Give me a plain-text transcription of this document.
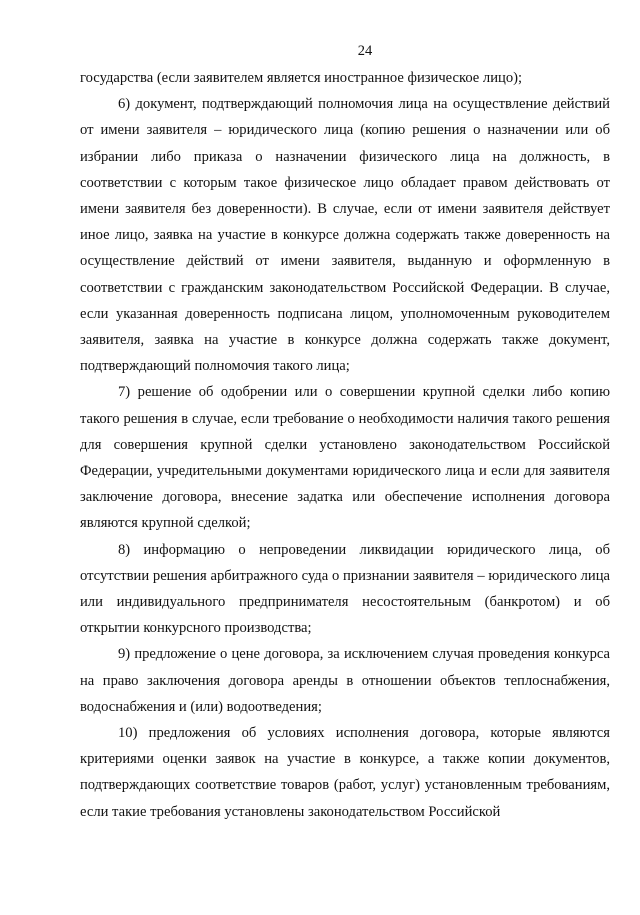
24

государства (если заявителем является иностранное физическое лицо);

6) документ, подтверждающий полномочия лица на осуществление действий от имени заявителя – юридического лица (копию решения о назначении или об избрании либо приказа о назначении физического лица на должность, в соответствии с которым такое физическое лицо обладает правом действовать от имени заявителя без доверенности). В случае, если от имени заявителя действует иное лицо, заявка на участие в конкурсе должна содержать также доверенность на осуществление действий от имени заявителя, выданную и оформленную в соответствии с гражданским законодательством Российской Федерации. В случае, если указанная доверенность подписана лицом, уполномоченным руководителем заявителя, заявка на участие в конкурсе должна содержать также документ, подтверждающий полномочия такого лица;

7) решение об одобрении или о совершении крупной сделки либо копию такого решения в случае, если требование о необходимости наличия такого решения для совершения крупной сделки установлено законодательством Российской Федерации, учредительными документами юридического лица и если для заявителя заключение договора, внесение задатка или обеспечение исполнения договора являются крупной сделкой;

8) информацию о непроведении ликвидации юридического лица, об отсутствии решения арбитражного суда о признании заявителя – юридического лица или индивидуального предпринимателя несостоятельным (банкротом) и об открытии конкурсного производства;

9) предложение о цене договора, за исключением случая проведения конкурса на право заключения договора аренды в отношении объектов теплоснабжения, водоснабжения и (или) водоотведения;

10) предложения об условиях исполнения договора, которые являются критериями оценки заявок на участие в конкурсе, а также копии документов, подтверждающих соответствие товаров (работ, услуг) установленным требованиям, если такие требования установлены законодательством Российской
